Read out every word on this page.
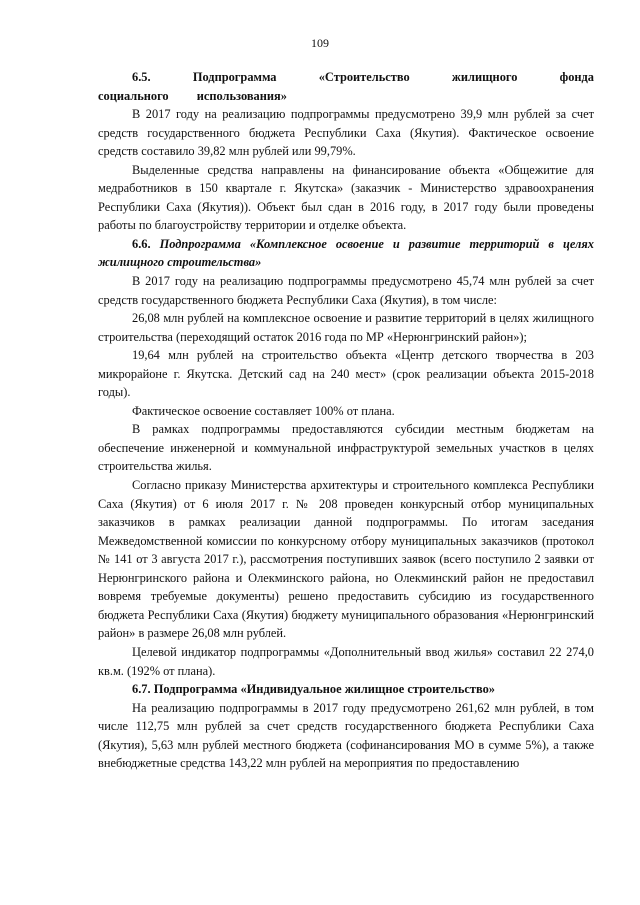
109

6.5.	Подпрограмма «Строительство жилищного фонда социального использования»

В 2017 году на реализацию подпрограммы предусмотрено 39,9 млн рублей за счет средств государственного бюджета Республики Саха (Якутия). Фактическое освоение средств составило 39,82 млн рублей или 99,79%.

Выделенные средства направлены на финансирование объекта «Общежитие для медработников в 150 квартале г. Якутска» (заказчик - Министерство здравоохранения Республики Саха (Якутия)). Объект был сдан в 2016 году, в 2017 году были проведены работы по благоустройству территории и отделке объекта.

6.6. Подпрограмма «Комплексное освоение и развитие территорий в целях жилищного строительства»

В 2017 году на реализацию подпрограммы предусмотрено 45,74 млн рублей за счет средств государственного бюджета Республики Саха (Якутия), в том числе:

26,08 млн рублей на комплексное освоение и развитие территорий в целях жилищного строительства (переходящий остаток 2016 года по МР «Нерюнгринский район»);

19,64 млн рублей на строительство объекта «Центр детского творчества в 203 микрорайоне г. Якутска. Детский сад на 240 мест» (срок реализации объекта 2015-2018 годы).

Фактическое освоение составляет 100% от плана.

В рамках подпрограммы предоставляются субсидии местным бюджетам на обеспечение инженерной и коммунальной инфраструктурой земельных участков в целях строительства жилья.

Согласно приказу Министерства архитектуры и строительного комплекса Республики Саха (Якутия) от 6 июля 2017 г. № 208 проведен конкурсный отбор муниципальных заказчиков в рамках реализации данной подпрограммы. По итогам заседания Межведомственной комиссии по конкурсному отбору муниципальных заказчиков (протокол № 141 от 3 августа 2017 г.), рассмотрения поступивших заявок (всего поступило 2 заявки от Нерюнгринского района и Олекминского района, но Олекминский район не предоставил вовремя требуемые документы) решено предоставить субсидию из государственного бюджета Республики Саха (Якутия) бюджету муниципального образования «Нерюнгринский район» в размере 26,08 млн рублей.

Целевой индикатор подпрограммы «Дополнительный ввод жилья» составил 22 274,0 кв.м. (192% от плана).

6.7. Подпрограмма «Индивидуальное жилищное строительство»

На реализацию подпрограммы в 2017 году предусмотрено 261,62 млн рублей, в том числе 112,75 млн рублей за счет средств государственного бюджета Республики Саха (Якутия), 5,63 млн рублей местного бюджета (софинансирования МО в сумме 5%), а также внебюджетные средства 143,22 млн рублей на мероприятия по предоставлению
